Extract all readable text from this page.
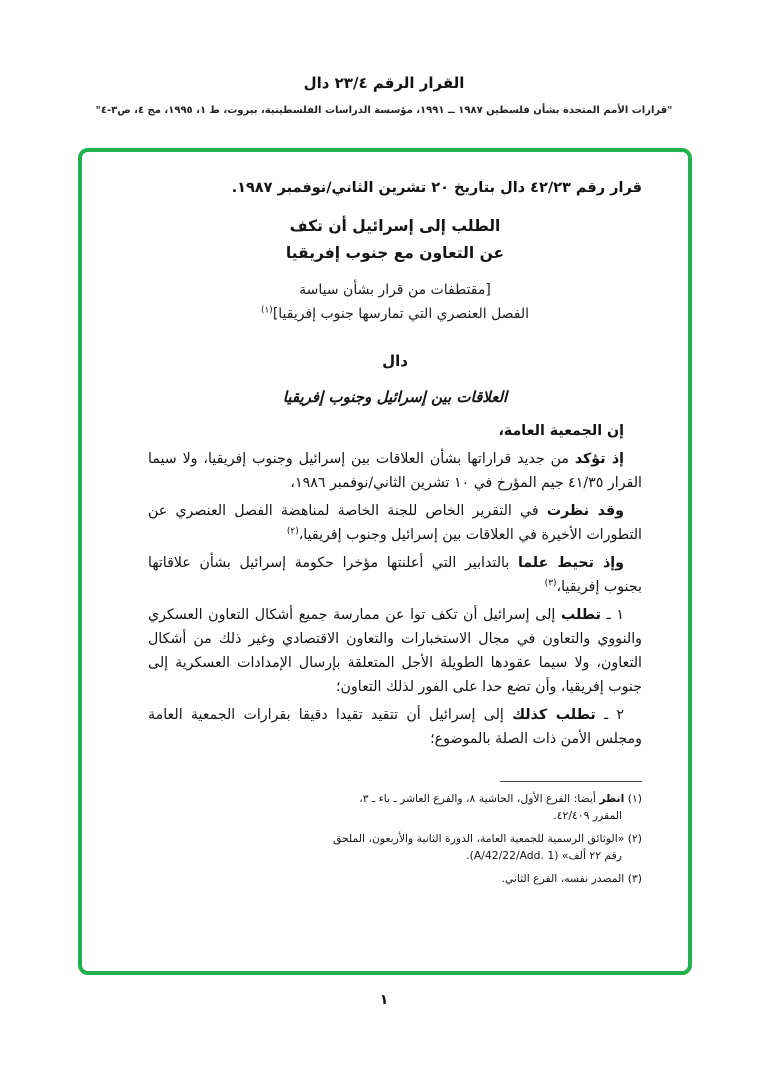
القرار الرقم ٢٣/٤ دال
"قرارات الأمم المتحدة بشأن فلسطين ١٩٨٧ ــ ١٩٩١، مؤسسة الدراسات الفلسطينية، بيروت، ط ١، ١٩٩٥، مج ٤، ص٣-٤"

قرار رقم ٤٢/٢٣ دال بتاريخ ٢٠ تشرين الثاني/نوفمبر ١٩٨٧.

الطلب إلى إسرائيل أن تكف
عن التعاون مع جنوب إفريقيا
[مقتطفات من قرار بشأن سياسة
الفصل العنصري التي تمارسها جنوب إفريقيا]$^{(١)}$
دال
العلاقات بين إسرائيل وجنوب إفريقيا

إن الجمعية العامة،

إذ تؤكد من جديد قراراتها بشأن العلاقات بين إسرائيل وجنوب إفريقيا، ولا سيما القرار ٤١/٣٥ جيم المؤرخ في ١٠ تشرين الثاني/نوفمبر ١٩٨٦،

وقد نظرت في التقرير الخاص للجنة الخاصة لمناهضة الفصل العنصري عن التطورات الأخيرة في العلاقات بين إسرائيل وجنوب إفريقيا،$^{(٢)}$

وإذ تحيط علما بالتدابير التي أعلنتها مؤخرا حكومة إسرائيل بشأن علاقاتها بجنوب إفريقيا،$^{(٣)}$

١ ـ تطلب إلى إسرائيل أن تكف توا عن ممارسة جميع أشكال التعاون العسكري والنووي والتعاون في مجال الاستخبارات والتعاون الاقتصادي وغير ذلك من أشكال التعاون، ولا سيما عقودها الطويلة الأجل المتعلقة بإرسال الإمدادات العسكرية إلى جنوب إفريقيا، وأن تضع حدا على الفور لذلك التعاون؛

٢ ـ تطلب كذلك إلى إسرائيل أن تتقيد تقيدا دقيقا بقرارات الجمعية العامة ومجلس الأمن ذات الصلة بالموضوع؛

(١) انظر أيضا: الفرع الأول، الحاشية ٨، والفرع العاشر ـ باء ـ ٣، المقرر ٤٢/٤٠٩.

(٢) «الوثائق الرسمية للجمعية العامة، الدورة الثانية والأربعون، الملحق رقم ٢٢ ألف» (A/42/22/Add. 1).

(٣) المصدر نفسه، الفرع الثاني.

١
